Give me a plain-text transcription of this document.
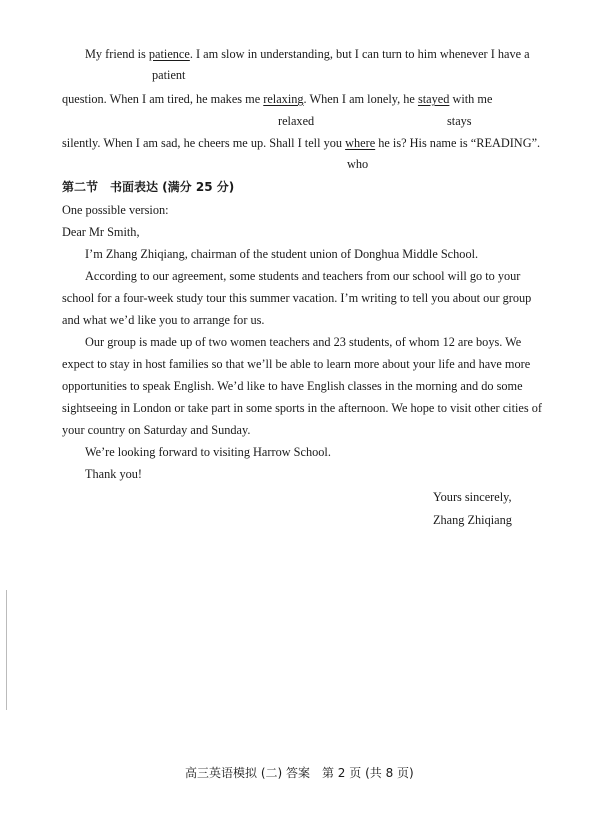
My friend is patience. I am slow in understanding, but I can turn to him whenever I have a
patient
question. When I am tired, he makes me relaxing. When I am lonely, he stayed with me
relaxed	stays
silently. When I am sad, he cheers me up. Shall I tell you where he is? His name is “READING”.
who
第二节　书面表达 (满分 25 分)
One possible version:
Dear Mr Smith,
I’m Zhang Zhiqiang, chairman of the student union of Donghua Middle School.
According to our agreement, some students and teachers from our school will go to your
school for a four-week study tour this summer vacation. I’m writing to tell you about our group
and what we’d like you to arrange for us.
Our group is made up of two women teachers and 23 students, of whom 12 are boys. We
expect to stay in host families so that we’ll be able to learn more about your life and have more
opportunities to speak English. We’d like to have English classes in the morning and do some
sightseeing in London or take part in some sports in the afternoon. We hope to visit other cities of
your country on Saturday and Sunday.
We’re looking forward to visiting Harrow School.
Thank you!
Yours sincerely,
Zhang Zhiqiang
高三英语模拟 (二) 答案　第 2 页 (共 8 页)
